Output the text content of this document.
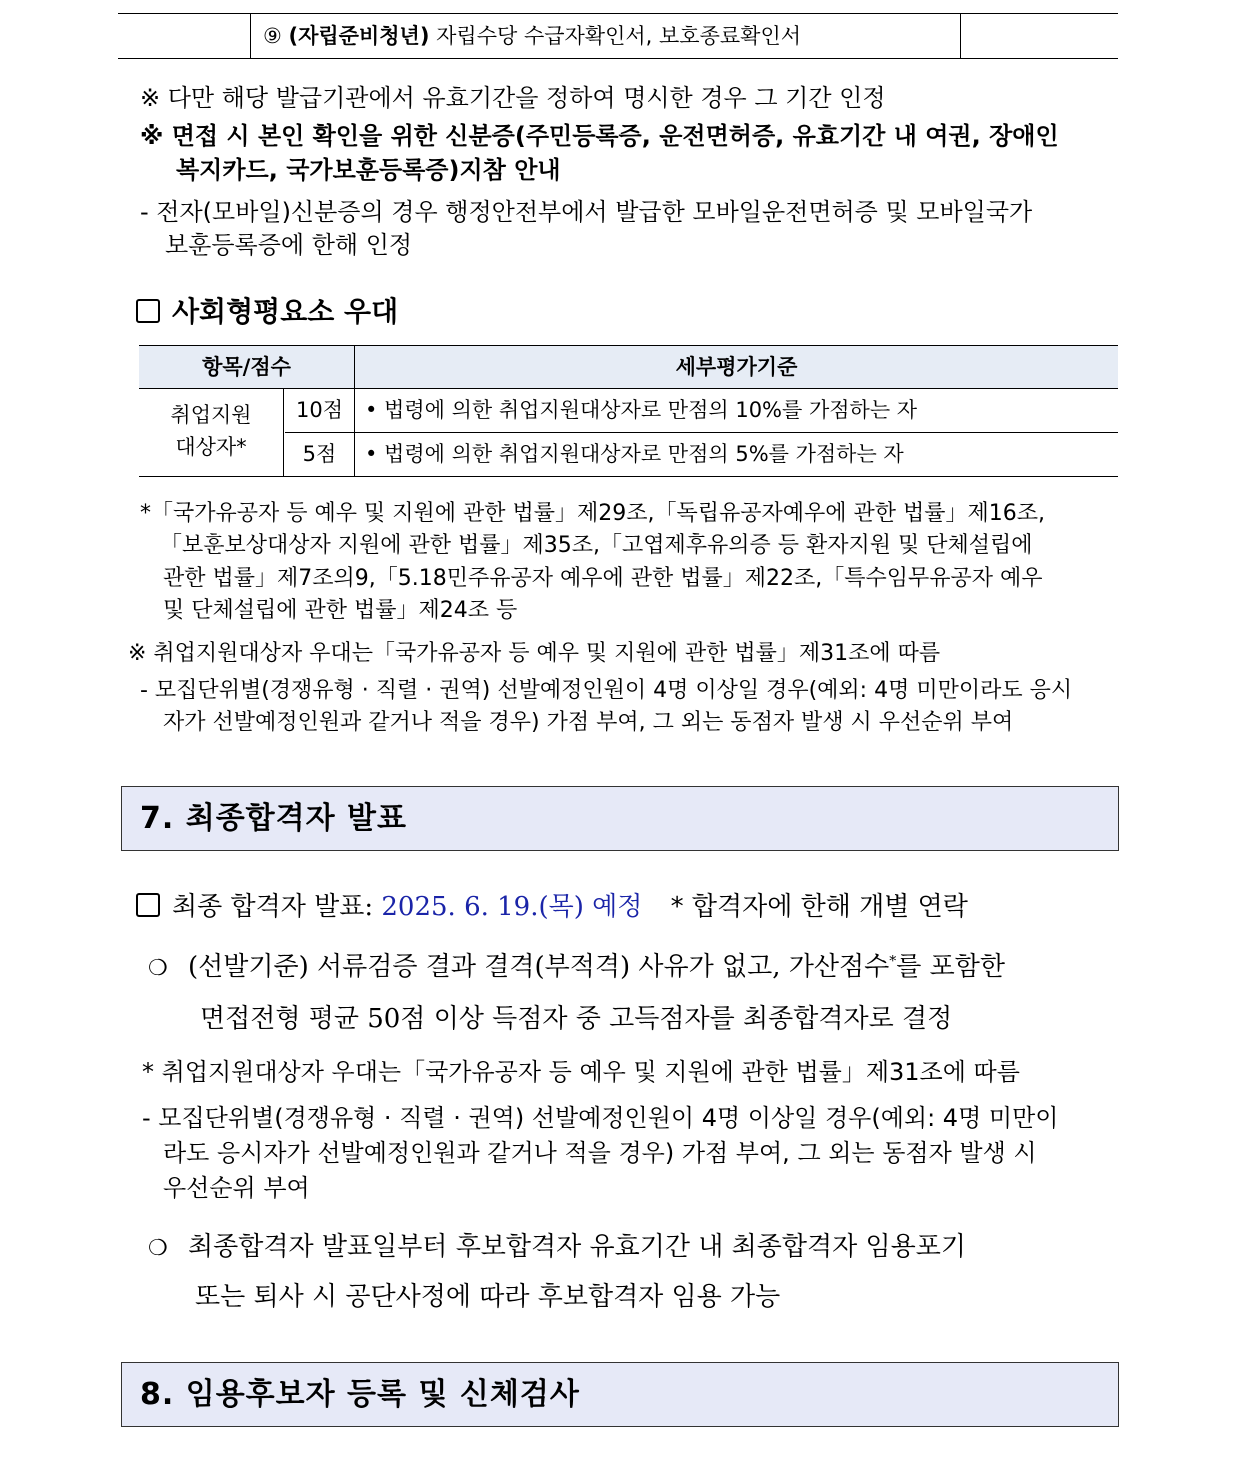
⑨ (자립준비청년) 자립수당 수급자확인서, 보호종료확인서
※ 다만 해당 발급기관에서 유효기간을 정하여 명시한 경우 그 기간 인정
※ 면접 시 본인 확인을 위한 신분증(주민등록증, 운전면허증, 유효기간 내 여권, 장애인
복지카드, 국가보훈등록증)지참 안내
- 전자(모바일)신분증의 경우 행정안전부에서 발급한 모바일운전면허증 및 모바일국가
보훈등록증에 한해 인정
사회형평요소 우대
항목/점수	세부평가기준
취업지원
대상자*
10점	• 법령에 의한 취업지원대상자로 만점의 10%를 가점하는 자
5점	• 법령에 의한 취업지원대상자로 만점의 5%를 가점하는 자
*「국가유공자 등 예우 및 지원에 관한 법률」제29조,「독립유공자예우에 관한 법률」제16조,
「보훈보상대상자 지원에 관한 법률」제35조,「고엽제후유의증 등 환자지원 및 단체설립에
관한 법률」제7조의9,「5.18민주유공자 예우에 관한 법률」제22조,「특수임무유공자 예우
및 단체설립에 관한 법률」제24조 등
※ 취업지원대상자 우대는「국가유공자 등 예우 및 지원에 관한 법률」제31조에 따름
- 모집단위별(경쟁유형 · 직렬 · 권역) 선발예정인원이 4명 이상일 경우(예외: 4명 미만이라도 응시
자가 선발예정인원과 같거나 적을 경우) 가점 부여, 그 외는 동점자 발생 시 우선순위 부여
7. 최종합격자 발표
최종 합격자 발표: 2025. 6. 19.(목) 예정 * 합격자에 한해 개별 연락
❍ (선발기준) 서류검증 결과 결격(부적격) 사유가 없고, 가산점수*를 포함한
면접전형 평균 50점 이상 득점자 중 고득점자를 최종합격자로 결정
* 취업지원대상자 우대는「국가유공자 등 예우 및 지원에 관한 법률」제31조에 따름
- 모집단위별(경쟁유형 · 직렬 · 권역) 선발예정인원이 4명 이상일 경우(예외: 4명 미만이
라도 응시자가 선발예정인원과 같거나 적을 경우) 가점 부여, 그 외는 동점자 발생 시
우선순위 부여
❍ 최종합격자 발표일부터 후보합격자 유효기간 내 최종합격자 임용포기
또는 퇴사 시 공단사정에 따라 후보합격자 임용 가능
8. 임용후보자 등록 및 신체검사
